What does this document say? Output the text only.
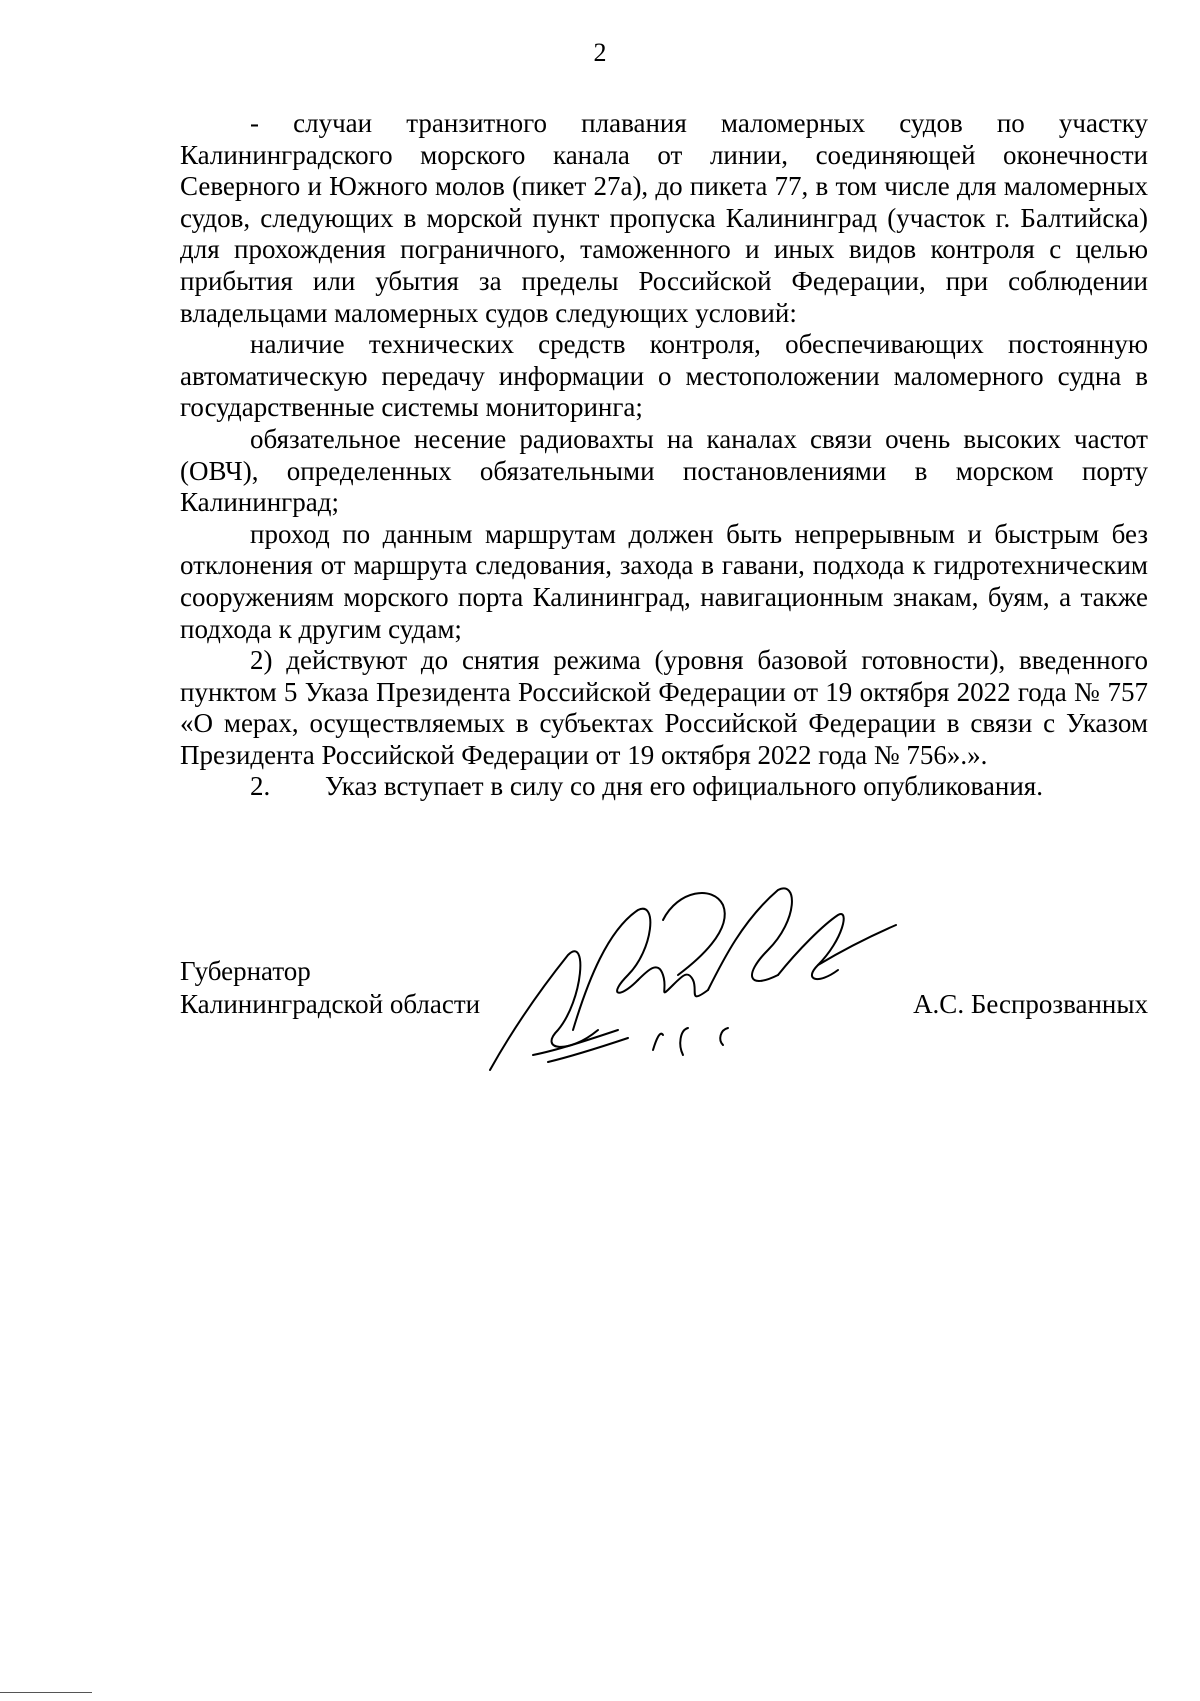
2

- случаи транзитного плавания маломерных судов по участку Калининградского морского канала от линии, соединяющей оконечности Северного и Южного молов (пикет 27а), до пикета 77, в том числе для маломерных судов, следующих в морской пункт пропуска Калининград (участок г. Балтийска) для прохождения пограничного, таможенного и иных видов контроля с целью прибытия или убытия за пределы Российской Федерации, при соблюдении владельцами маломерных судов следующих условий:

наличие технических средств контроля, обеспечивающих постоянную автоматическую передачу информации о местоположении маломерного судна в государственные системы мониторинга;

обязательное несение радиовахты на каналах связи очень высоких частот (ОВЧ), определенных обязательными постановлениями в морском порту Калининград;

проход по данным маршрутам должен быть непрерывным и быстрым без отклонения от маршрута следования, захода в гавани, подхода к гидротехническим сооружениям морского порта Калининград, навигационным знакам, буям, а также подхода к другим судам;

2) действуют до снятия режима (уровня базовой готовности), введенного пунктом 5 Указа Президента Российской Федерации от 19 октября 2022 года № 757 «О мерах, осуществляемых в субъектах Российской Федерации в связи с Указом Президента Российской Федерации от 19 октября 2022 года № 756».».

2. Указ вступает в силу со дня его официального опубликования.

Губернатор
Калининградской области	А.С. Беспрозванных
